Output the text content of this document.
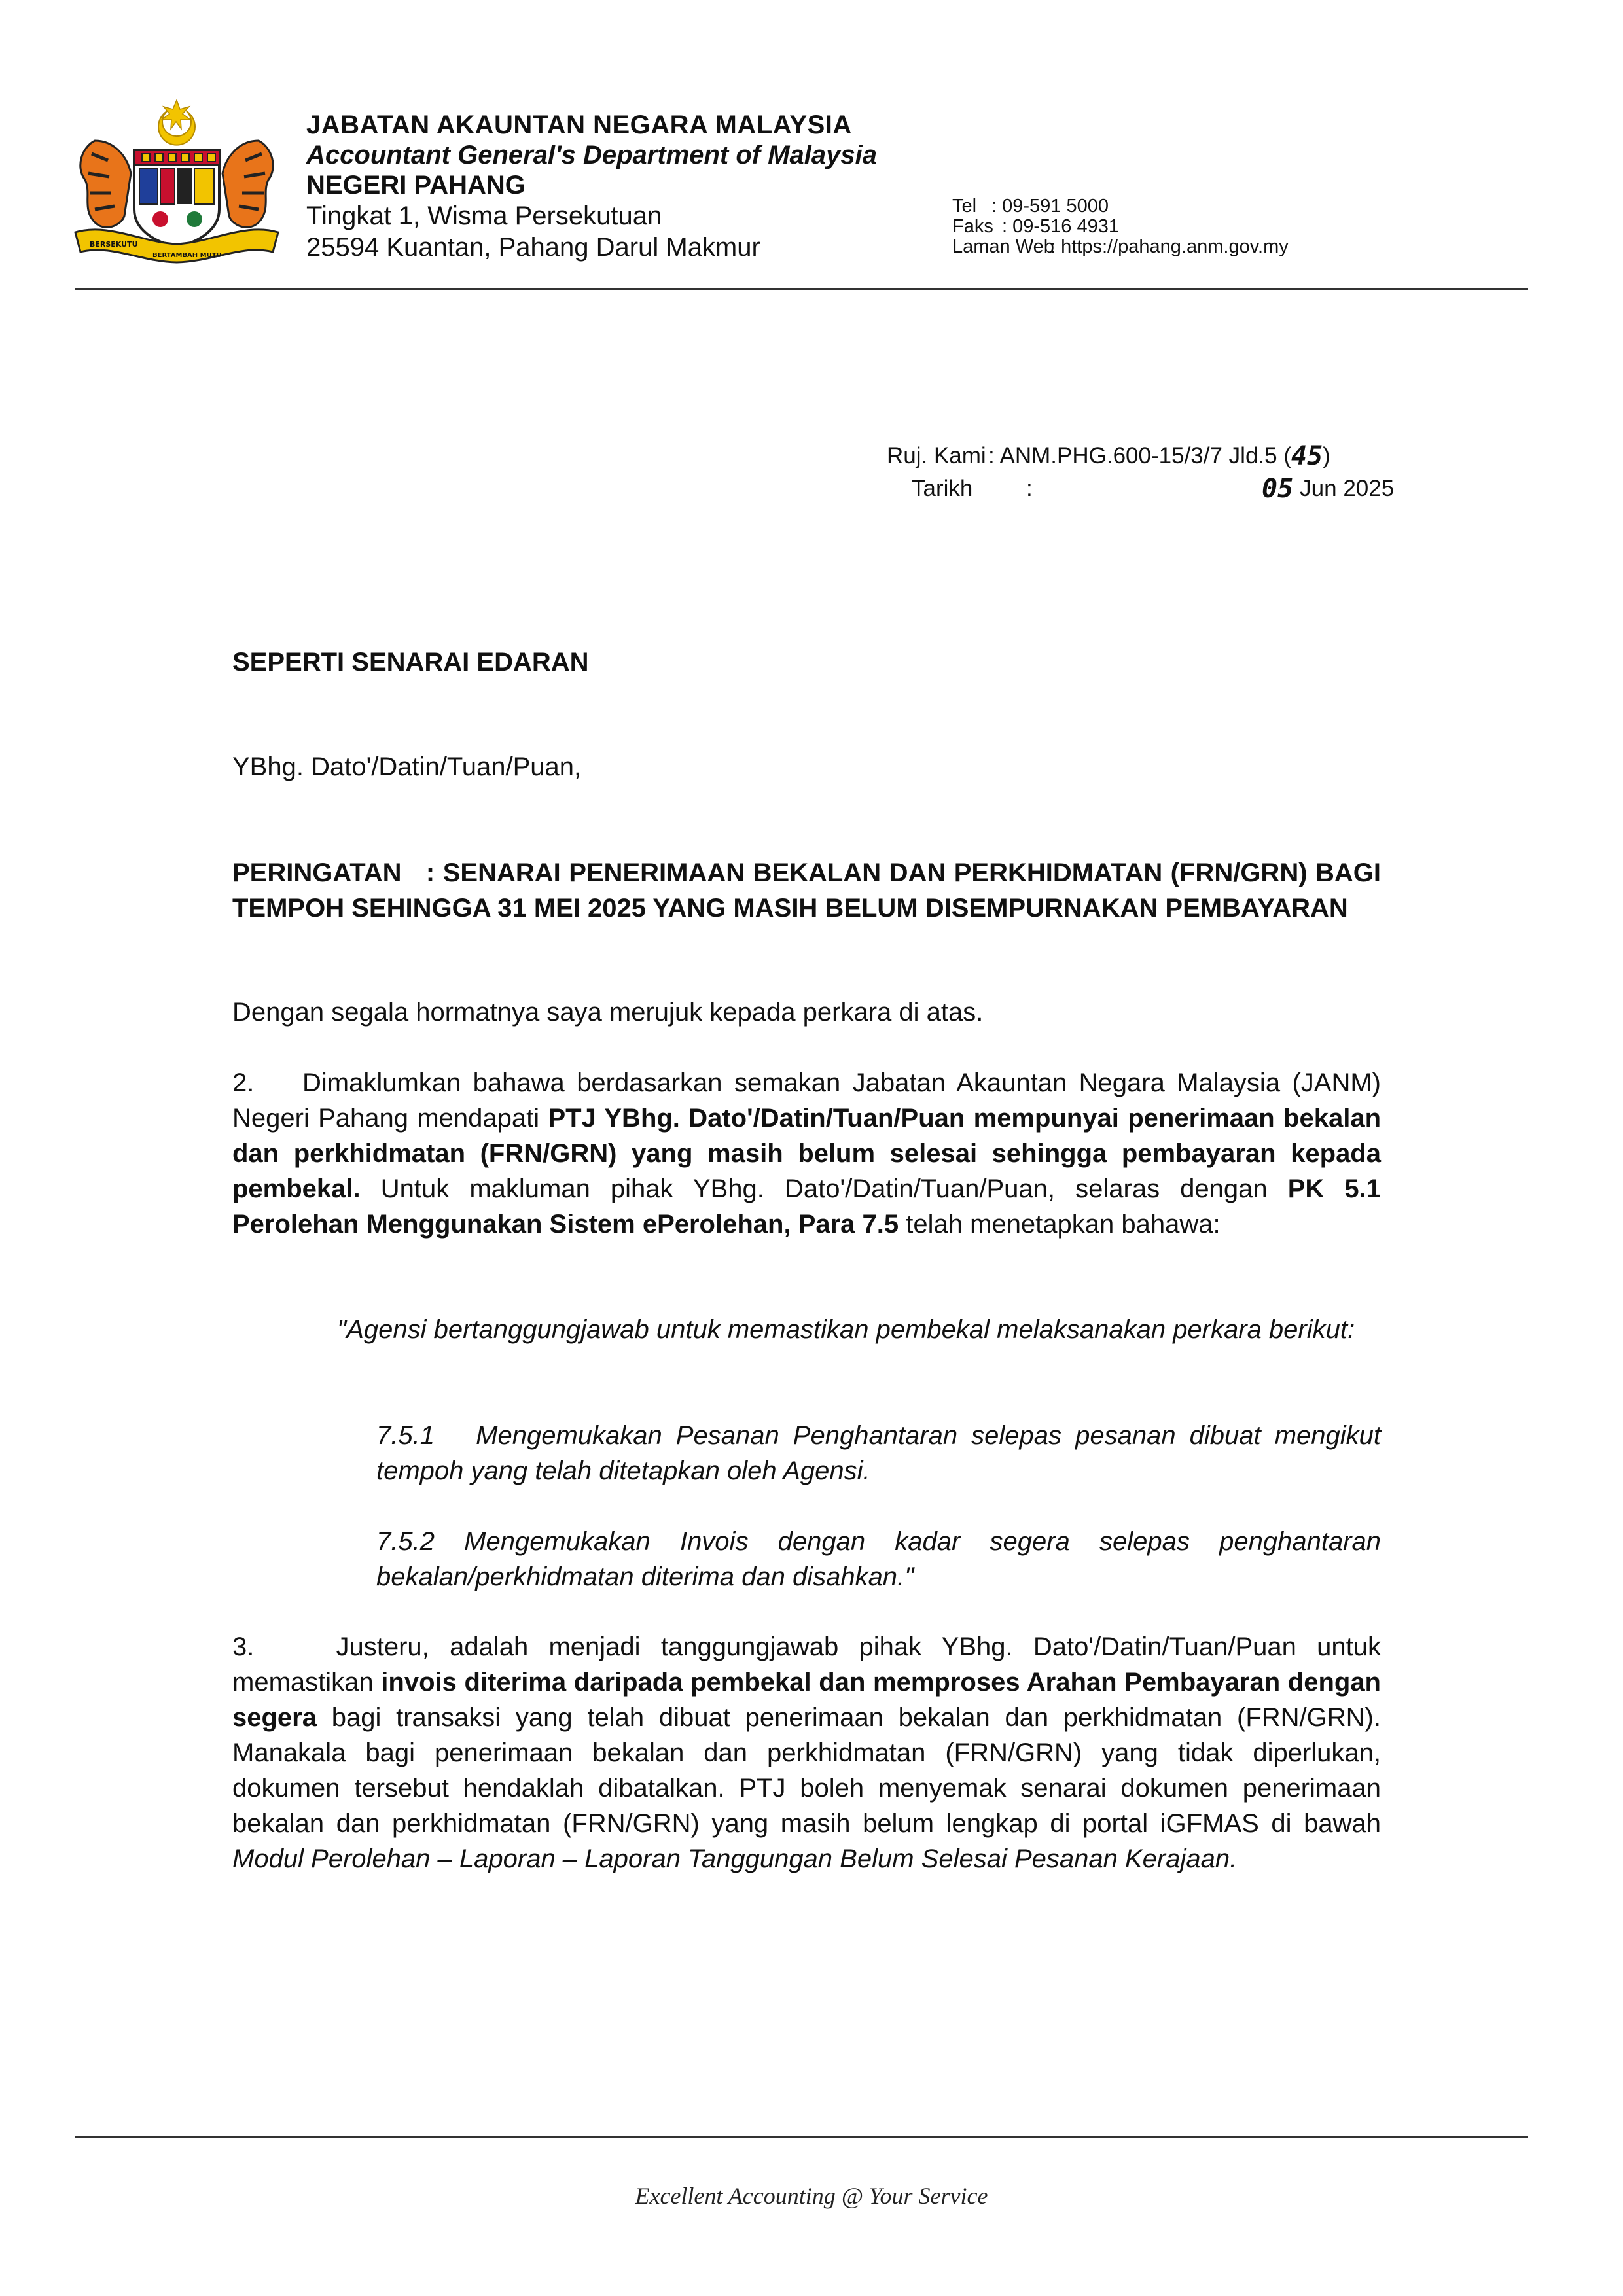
BERSEKUTU
BERTAMBAH MUTU
JABATAN AKAUNTAN NEGARA MALAYSIA
Accountant General's Department of Malaysia
NEGERI PAHANG
Tingkat 1, Wisma Persekutuan
25594 Kuantan, Pahang Darul Makmur
Tel : 09-591 5000
Faks : 09-516 4931
Laman Web: https://pahang.anm.gov.my
Ruj. Kami : ANM.PHG.600-15/3/7 Jld.5 ( 45 )
Tarikh	:	05 Jun 2025
SEPERTI SENARAI EDARAN
YBhg. Dato'/Datin/Tuan/Puan,
PERINGATAN : SENARAI PENERIMAAN BEKALAN DAN PERKHIDMATAN (FRN/GRN) BAGI TEMPOH SEHINGGA 31 MEI 2025 YANG MASIH BELUM DISEMPURNAKAN PEMBAYARAN
Dengan segala hormatnya saya merujuk kepada perkara di atas.
2.    Dimaklumkan bahawa berdasarkan semakan Jabatan Akauntan Negara Malaysia (JANM) Negeri Pahang mendapati PTJ YBhg. Dato'/Datin/Tuan/Puan mempunyai penerimaan bekalan dan perkhidmatan (FRN/GRN) yang masih belum selesai sehingga pembayaran kepada pembekal. Untuk makluman pihak YBhg. Dato'/Datin/Tuan/Puan, selaras dengan PK 5.1 Perolehan Menggunakan Sistem ePerolehan, Para 7.5 telah menetapkan bahawa:
"Agensi bertanggungjawab untuk memastikan pembekal melaksanakan perkara berikut:
7.5.1   Mengemukakan Pesanan Penghantaran selepas pesanan dibuat mengikut tempoh yang telah ditetapkan oleh Agensi.
7.5.2 Mengemukakan Invois dengan kadar segera selepas penghantaran bekalan/perkhidmatan diterima dan disahkan."
3.    Justeru, adalah menjadi tanggungjawab pihak YBhg. Dato'/Datin/Tuan/Puan untuk memastikan invois diterima daripada pembekal dan memproses Arahan Pembayaran dengan segera bagi transaksi yang telah dibuat penerimaan bekalan dan perkhidmatan (FRN/GRN). Manakala bagi penerimaan bekalan dan perkhidmatan (FRN/GRN) yang tidak diperlukan, dokumen tersebut hendaklah dibatalkan. PTJ boleh menyemak senarai dokumen penerimaan bekalan dan perkhidmatan (FRN/GRN) yang masih belum lengkap di portal iGFMAS di bawah Modul Perolehan – Laporan – Laporan Tanggungan Belum Selesai Pesanan Kerajaan.
Excellent Accounting @ Your Service
